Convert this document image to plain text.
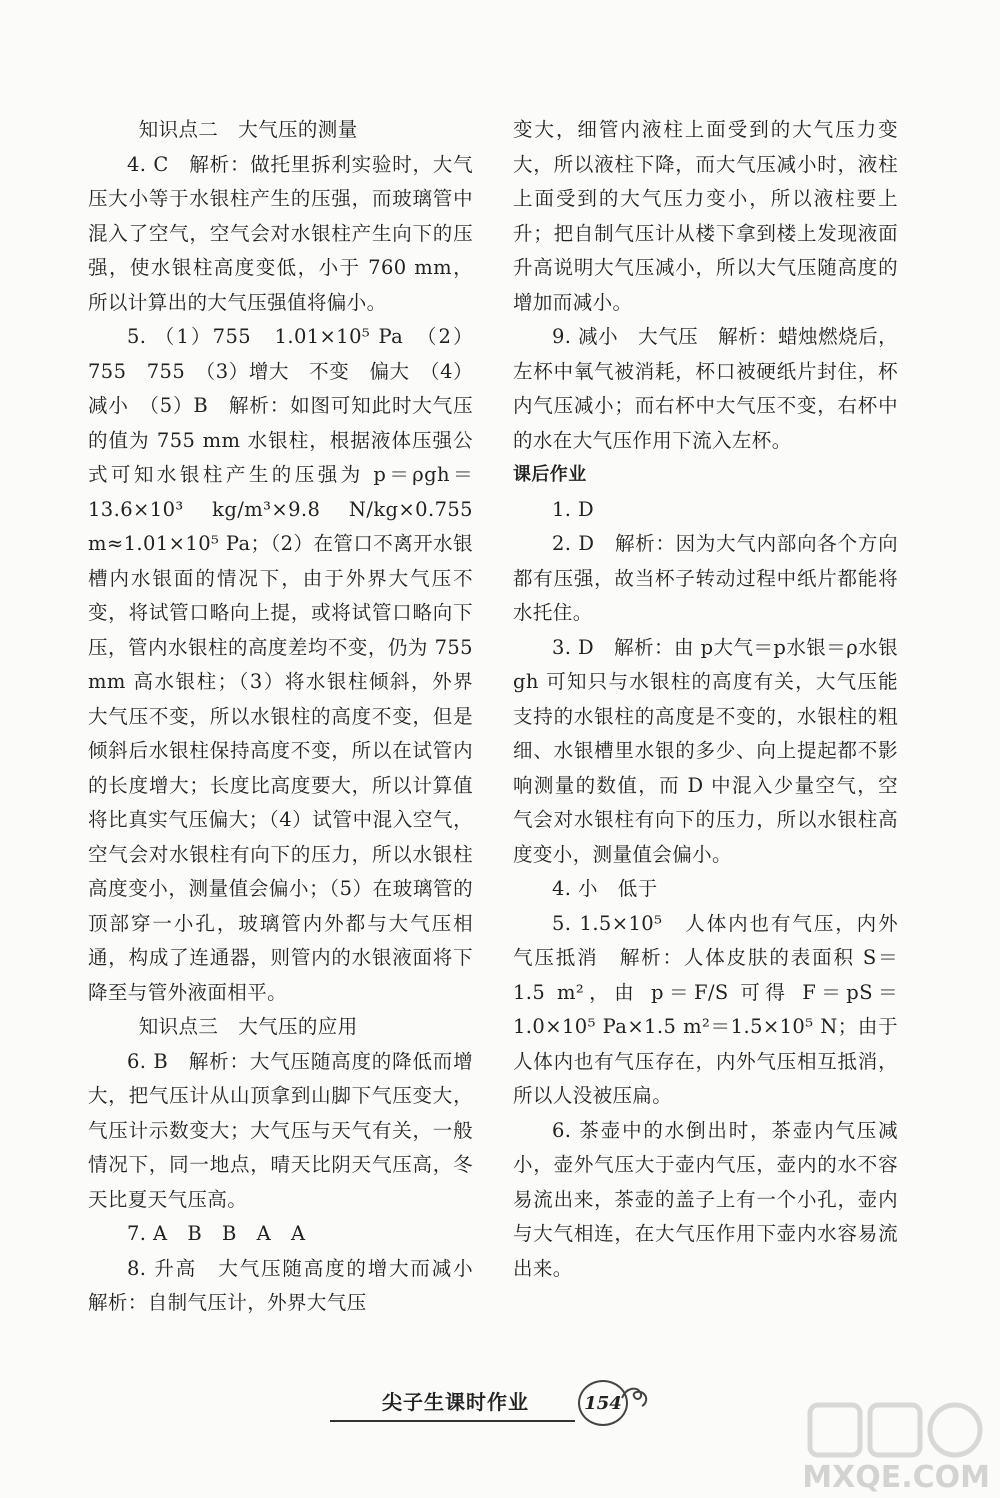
知识点二　大气压的测量

4. C　解析：做托里拆利实验时，大气压大小等于水银柱产生的压强，而玻璃管中混入了空气，空气会对水银柱产生向下的压强，使水银柱高度变低，小于 760 mm，所以计算出的大气压强值将偏小。

5. （1）755　1.01×10⁵ Pa　（2）755　755　（3）增大　不变　偏大　（4）减小　（5）B　解析：如图可知此时大气压的值为 755 mm 水银柱，根据液体压强公式可知水银柱产生的压强为 p＝ρgh＝13.6×10³ kg/m³×9.8 N/kg×0.755 m≈1.01×10⁵ Pa；（2）在管口不离开水银槽内水银面的情况下，由于外界大气压不变，将试管口略向上提，或将试管口略向下压，管内水银柱的高度差均不变，仍为 755 mm 高水银柱；（3）将水银柱倾斜，外界大气压不变，所以水银柱的高度不变，但是倾斜后水银柱保持高度不变，所以在试管内的长度增大；长度比高度要大，所以计算值将比真实气压偏大；（4）试管中混入空气，空气会对水银柱有向下的压力，所以水银柱高度变小，测量值会偏小；（5）在玻璃管的顶部穿一小孔，玻璃管内外都与大气压相通，构成了连通器，则管内的水银液面将下降至与管外液面相平。

知识点三　大气压的应用

6. B　解析：大气压随高度的降低而增大，把气压计从山顶拿到山脚下气压变大，气压计示数变大；大气压与天气有关，一般情况下，同一地点，晴天比阴天气压高，冬天比夏天气压高。

7. A　B　B　A　A

8. 升高　大气压随高度的增大而减小　解析：自制气压计，外界大气压

变大，细管内液柱上面受到的大气压力变大，所以液柱下降，而大气压减小时，液柱上面受到的大气压力变小，所以液柱要上升；把自制气压计从楼下拿到楼上发现液面升高说明大气压减小，所以大气压随高度的增加而减小。

9. 减小　大气压　解析：蜡烛燃烧后，左杯中氧气被消耗，杯口被硬纸片封住，杯内气压减小；而右杯中大气压不变，右杯中的水在大气压作用下流入左杯。

课后作业

1. D

2. D　解析：因为大气内部向各个方向都有压强，故当杯子转动过程中纸片都能将水托住。

3. D　解析：由 p大气＝p水银＝ρ水银gh 可知只与水银柱的高度有关，大气压能支持的水银柱的高度是不变的，水银柱的粗细、水银槽里水银的多少、向上提起都不影响测量的数值，而 D 中混入少量空气，空气会对水银柱有向下的压力，所以水银柱高度变小，测量值会偏小。

4. 小　低于

5. 1.5×10⁵　人体内也有气压，内外气压抵消　解析：人体皮肤的表面积 S＝1.5 m²，由 p＝F/S 可得 F＝pS＝1.0×10⁵ Pa×1.5 m²＝1.5×10⁵ N；由于人体内也有气压存在，内外气压相互抵消，所以人没被压扁。

6. 茶壶中的水倒出时，茶壶内气压减小，壶外气压大于壶内气压，壶内的水不容易流出来，茶壶的盖子上有一个小孔，壶内与大气相连，在大气压作用下壶内水容易流出来。

尖子生课时作业	154
MXQE.COM
